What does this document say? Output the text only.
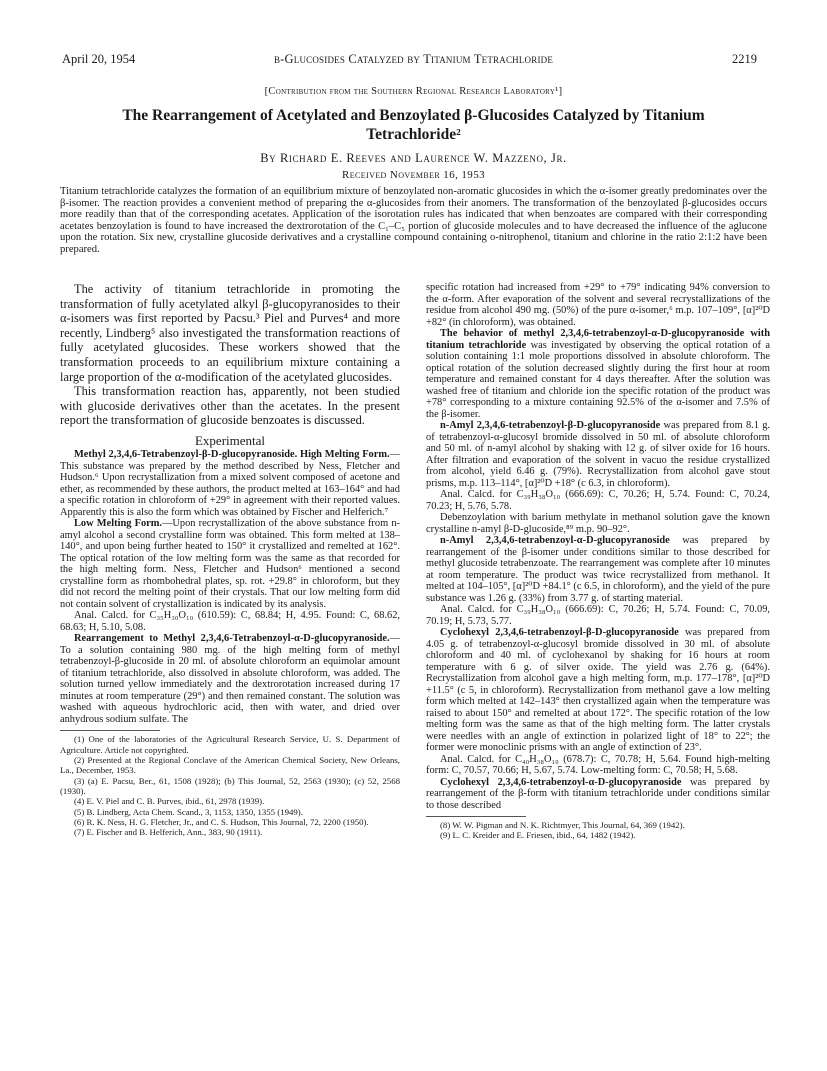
April 20, 1954	β-Glucosides Catalyzed by Titanium Tetrachloride	2219
[Contribution from the Southern Regional Research Laboratory¹]
The Rearrangement of Acetylated and Benzoylated β-Glucosides Catalyzed by Titanium Tetrachloride²
By Richard E. Reeves and Laurence W. Mazzeno, Jr.
Received November 16, 1953
Titanium tetrachloride catalyzes the formation of an equilibrium mixture of benzoylated non-aromatic glucosides in which the α-isomer greatly predominates over the β-isomer. The reaction provides a convenient method of preparing the α-glucosides from their anomers. The transformation of the benzoylated β-glucosides occurs more readily than that of the corresponding acetates. Application of the isorotation rules has indicated that when benzoates are compared with their corresponding acetates benzoylation is found to have increased the dextrorotation of the C₁–C₅ portion of glucoside molecules and to have decreased the influence of the aglucone upon the rotation. Six new, crystalline glucoside derivatives and a crystalline compound containing o-nitrophenol, titanium and chlorine in the ratio 2:1:2 have been prepared.

The activity of titanium tetrachloride in promoting the transformation of fully acetylated alkyl β-glucopyranosides to their α-isomers was first reported by Pacsu.³ Piel and Purves⁴ and more recently, Lindberg⁵ also investigated the transformation reactions of fully acetylated glucosides. These workers showed that the transformation proceeds to an equilibrium mixture containing a large proportion of the α-modification of the acetylated glucosides.

This transformation reaction has, apparently, not been studied with glucoside derivatives other than the acetates. In the present report the transformation of glucoside benzoates is discussed.

Experimental

Methyl 2,3,4,6-Tetrabenzoyl-β-D-glucopyranoside. High Melting Form.—This substance was prepared by the method described by Ness, Fletcher and Hudson.⁶ Upon recrystallization from a mixed solvent composed of acetone and ether, as recommended by these authors, the product melted at 163–164° and had a specific rotation in chloroform of +29° in agreement with their reported values. Apparently this is also the form which was obtained by Fischer and Helferich.⁷

Low Melting Form.—Upon recrystallization of the above substance from n-amyl alcohol a second crystalline form was obtained. This form melted at 138–140°, and upon being further heated to 150° it crystallized and remelted at 162°. The optical rotation of the low melting form was the same as that recorded for the high melting form. Ness, Fletcher and Hudson⁶ mentioned a second crystalline form as rhombohedral plates, sp. rot. +29.8° in chloroform, but they did not record the melting point of their crystals. That our low melting form did not contain solvent of crystallization is indicated by its analysis.

Anal. Calcd. for C₃₅H₃₀O₁₀ (610.59): C, 68.84; H, 4.95. Found: C, 68.62, 68.63; H, 5.10, 5.08.

Rearrangement to Methyl 2,3,4,6-Tetrabenzoyl-α-D-glucopyranoside.—To a solution containing 980 mg. of the high melting form of methyl tetrabenzoyl-β-glucoside in 20 ml. of absolute chloroform an equimolar amount of titanium tetrachloride, also dissolved in absolute chloroform, was added. The solution turned yellow immediately and the dextrorotation increased during 17 minutes at room temperature (29°) and then remained constant. The solution was washed with aqueous hydrochloric acid, then with water, and dried over anhydrous sodium sulfate. The

(1) One of the laboratories of the Agricultural Research Service, U. S. Department of Agriculture. Article not copyrighted.

(2) Presented at the Regional Conclave of the American Chemical Society, New Orleans, La., December, 1953.

(3) (a) E. Pacsu, Ber., 61, 1508 (1928); (b) This Journal, 52, 2563 (1930); (c) 52, 2568 (1930).

(4) E. V. Piel and C. B. Purves, ibid., 61, 2978 (1939).

(5) B. Lindberg, Acta Chem. Scand., 3, 1153, 1350, 1355 (1949).

(6) R. K. Ness, H. G. Fletcher, Jr., and C. S. Hudson, This Journal, 72, 2200 (1950).

(7) E. Fischer and B. Helferich, Ann., 383, 90 (1911).

specific rotation had increased from +29° to +79° indicating 94% conversion to the α-form. After evaporation of the solvent and several recrystallizations of the residue from alcohol 490 mg. (50%) of the pure α-isomer,⁶ m.p. 107–109°, [α]²⁰D +82° (in chloroform), was obtained.

The behavior of methyl 2,3,4,6-tetrabenzoyl-α-D-glucopyranoside with titanium tetrachloride was investigated by observing the optical rotation of a solution containing 1:1 mole proportions dissolved in absolute chloroform. The optical rotation of the solution decreased slightly during the first hour at room temperature and remained constant for 4 days thereafter. After the solution was washed free of titanium and chloride ion the specific rotation of the product was +78° corresponding to a mixture containing 92.5% of the α-isomer and 7.5% of the β-isomer.

n-Amyl 2,3,4,6-tetrabenzoyl-β-D-glucopyranoside was prepared from 8.1 g. of tetrabenzoyl-α-glucosyl bromide dissolved in 50 ml. of absolute chloroform and 50 ml. of n-amyl alcohol by shaking with 12 g. of silver oxide for 16 hours. After filtration and evaporation of the solvent in vacuo the residue crystallized from alcohol, yield 6.46 g. (79%). Recrystallization from alcohol gave stout prisms, m.p. 113–114°, [α]²⁰D +18° (c 6.3, in chloroform).

Anal. Calcd. for C₃₉H₃₈O₁₀ (666.69): C, 70.26; H, 5.74. Found: C, 70.24, 70.23; H, 5.76, 5.78.

Debenzoylation with barium methylate in methanol solution gave the known crystalline n-amyl β-D-glucoside,⁸⁹ m.p. 90–92°.

n-Amyl 2,3,4,6-tetrabenzoyl-α-D-glucopyranoside was prepared by rearrangement of the β-isomer under conditions similar to those described for methyl glucoside tetrabenzoate. The rearrangement was complete after 10 minutes at room temperature. The product was twice recrystallized from methanol. It melted at 104–105°, [α]²⁰D +84.1° (c 6.5, in chloroform), and the yield of the pure substance was 1.26 g. (33%) from 3.77 g. of starting material.

Anal. Calcd. for C₃₉H₃₈O₁₀ (666.69): C, 70.26; H, 5.74. Found: C, 70.09, 70.19; H, 5.73, 5.77.

Cyclohexyl 2,3,4,6-tetrabenzoyl-β-D-glucopyranoside was prepared from 4.05 g. of tetrabenzoyl-α-glucosyl bromide dissolved in 30 ml. of absolute chloroform and 40 ml. of cyclohexanol by shaking for 16 hours at room temperature with 6 g. of silver oxide. The yield was 2.76 g. (64%). Recrystallization from alcohol gave a high melting form, m.p. 177–178°, [α]²⁰D +11.5° (c 5, in chloroform). Recrystallization from methanol gave a low melting form which melted at 142–143° then crystallized again when the temperature was raised to about 150° and remelted at about 172°. The specific rotation of the low melting form was the same as that of the high melting form. The latter crystals were needles with an angle of extinction in polarized light of 18° to 22°; the former were monoclinic prisms with an angle of extinction of 23°.

Anal. Calcd. for C₄₀H₃₈O₁₀ (678.7): C, 70.78; H, 5.64. Found high-melting form: C, 70.57, 70.66; H, 5.67, 5.74. Low-melting form: C, 70.58; H, 5.68.

Cyclohexyl 2,3,4,6-tetrabenzoyl-α-D-glucopyranoside was prepared by rearrangement of the β-form with titanium tetrachloride under conditions similar to those described

(8) W. W. Pigman and N. K. Richtmyer, This Journal, 64, 369 (1942).

(9) L. C. Kreider and E. Friesen, ibid., 64, 1482 (1942).
